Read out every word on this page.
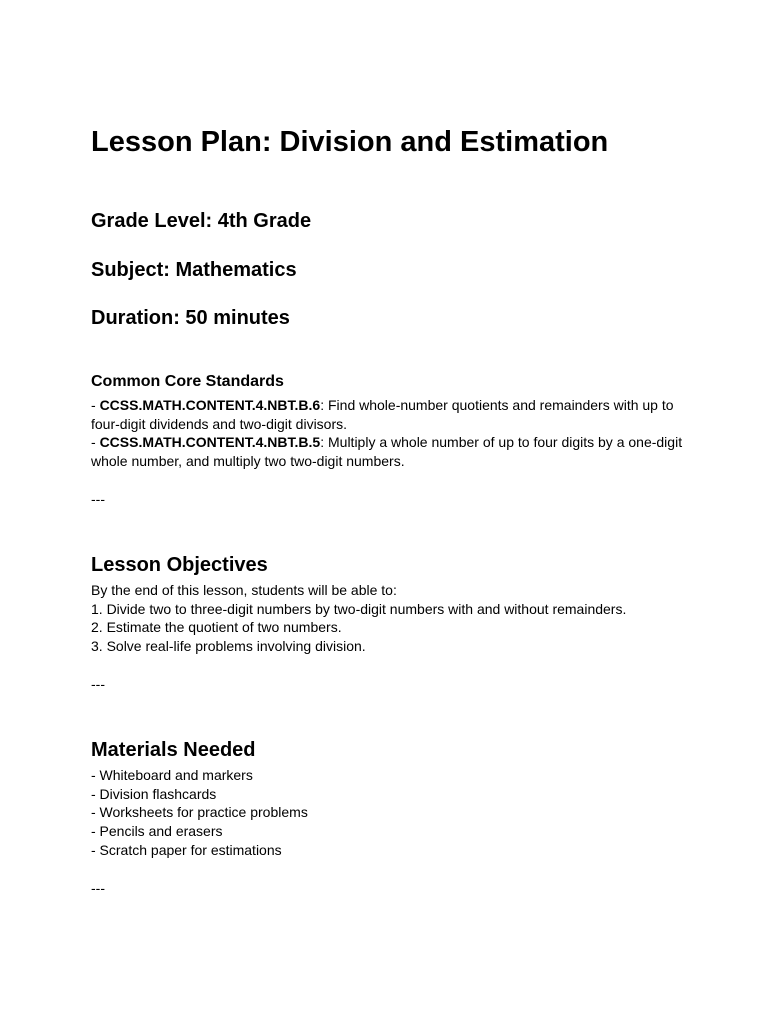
Lesson Plan: Division and Estimation
Grade Level: 4th Grade
Subject: Mathematics
Duration: 50 minutes
Common Core Standards
- CCSS.MATH.CONTENT.4.NBT.B.6: Find whole-number quotients and remainders with up to
four-digit dividends and two-digit divisors.
- CCSS.MATH.CONTENT.4.NBT.B.5: Multiply a whole number of up to four digits by a one-digit
whole number, and multiply two two-digit numbers.
---
Lesson Objectives
By the end of this lesson, students will be able to:
1. Divide two to three-digit numbers by two-digit numbers with and without remainders.
2. Estimate the quotient of two numbers.
3. Solve real-life problems involving division.
---
Materials Needed
- Whiteboard and markers
- Division flashcards
- Worksheets for practice problems
- Pencils and erasers
- Scratch paper for estimations
---
